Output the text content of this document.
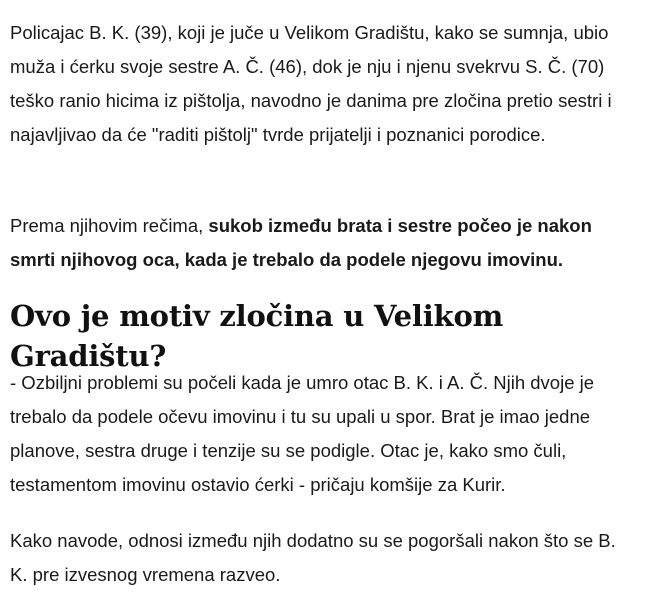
Policajac B. K. (39), koji je juče u Velikom Gradištu, kako se sumnja, ubio muža i ćerku svoje sestre A. Č. (46), dok je nju i njenu svekrvu S. Č. (70) teško ranio hicima iz pištolja, navodno je danima pre zločina pretio sestri i najavljivao da će "raditi pištolj" tvrde prijatelji i poznanici porodice.

Prema njihovim rečima, sukob između brata i sestre počeo je nakon smrti njihovog oca, kada je trebalo da podele njegovu imovinu.

Ovo je motiv zločina u Velikom Gradištu?

- Ozbiljni problemi su počeli kada je umro otac B. K. i A. Č. Njih dvoje je trebalo da podele očevu imovinu i tu su upali u spor. Brat je imao jedne planove, sestra druge i tenzije su se podigle. Otac je, kako smo čuli, testamentom imovinu ostavio ćerki - pričaju komšije za Kurir.

Kako navode, odnosi između njih dodatno su se pogoršali nakon što se B. K. pre izvesnog vremena razveo.
